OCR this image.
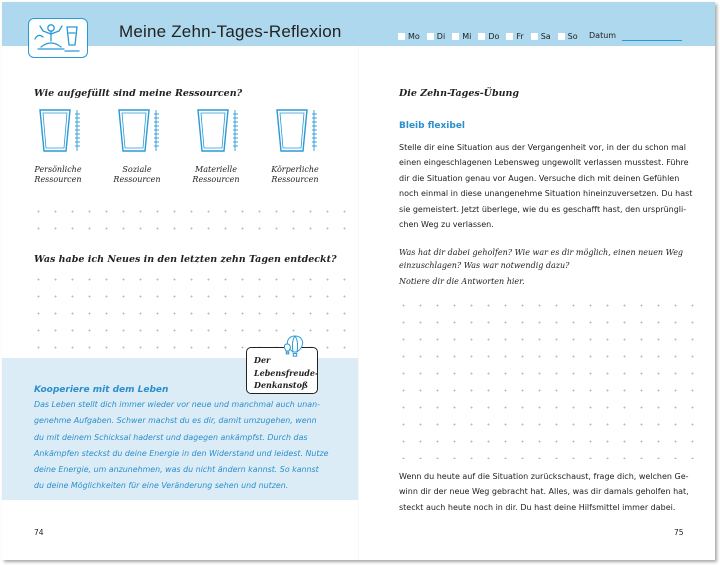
Meine Zehn-Tages-Reflexion	Mo Di Mi Do Fr Sa So Datum
Wie aufgefüllt sind meine Ressourcen?
Persönliche
Ressourcen
Soziale
Ressourcen
Materielle
Ressourcen
Körperliche
Ressourcen
Was habe ich Neues in den letzten zehn Tagen entdeckt?
Kooperiere mit dem Leben
Das Leben stellt dich immer wieder vor neue und manchmal auch unan-
genehme Aufgaben. Schwer machst du es dir, damit umzugehen, wenn
du mit deinem Schicksal haderst und dagegen ankämpfst. Durch das
Ankämpfen steckst du deine Energie in den Widerstand und leidest. Nutze
deine Energie, um anzunehmen, was du nicht ändern kannst. So kannst
du deine Möglichkeiten für eine Veränderung sehen und nutzen.
Der
Lebensfreude-
Denkanstoß
74
Die Zehn-Tages-Übung
Bleib flexibel
Stelle dir eine Situation aus der Vergangenheit vor, in der du schon mal
einen eingeschlagenen Lebensweg ungewollt verlassen musstest. Führe
dir die Situation genau vor Augen. Versuche dich mit deinen Gefühlen
noch einmal in diese unangenehme Situation hineinzuversetzen. Du hast
sie gemeistert. Jetzt überlege, wie du es geschafft hast, den ursprüngli-
chen Weg zu verlassen.
Was hat dir dabei geholfen? Wie war es dir möglich, einen neuen Weg
einzuschlagen? Was war notwendig dazu?
Notiere dir die Antworten hier.
Wenn du heute auf die Situation zurückschaust, frage dich, welchen Ge-
winn dir der neue Weg gebracht hat. Alles, was dir damals geholfen hat,
steckt auch heute noch in dir. Du hast deine Hilfsmittel immer dabei.
75
